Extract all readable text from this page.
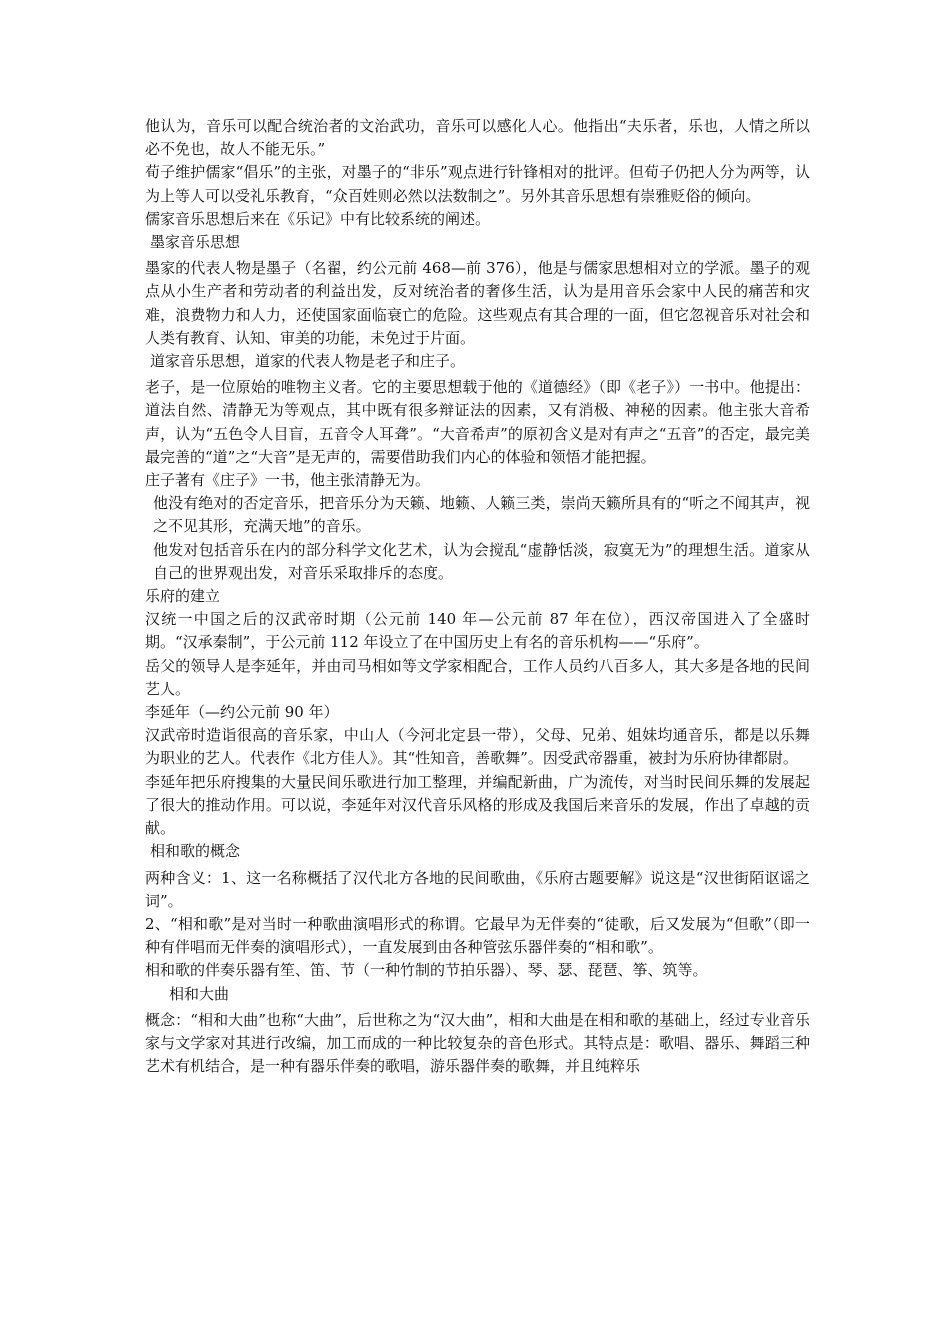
他认为，音乐可以配合统治者的文治武功，音乐可以感化人心。他指出“夫乐者，乐也，人情之所以必不免也，故人不能无乐。”

荀子维护儒家“倡乐”的主张，对墨子的“非乐”观点进行针锋相对的批评。但荀子仍把人分为两等，认为上等人可以受礼乐教育，“众百姓则必然以法数制之”。另外其音乐思想有崇雅贬俗的倾向。

儒家音乐思想后来在《乐记》中有比较系统的阐述。

墨家音乐思想

墨家的代表人物是墨子（名翟，约公元前 468—前 376），他是与儒家思想相对立的学派。墨子的观点从小生产者和劳动者的利益出发，反对统治者的奢侈生活，认为是用音乐会家中人民的痛苦和灾难，浪费物力和人力，还使国家面临衰亡的危险。这些观点有其合理的一面，但它忽视音乐对社会和人类有教育、认知、审美的功能，未免过于片面。

道家音乐思想，道家的代表人物是老子和庄子。

老子，是一位原始的唯物主义者。它的主要思想载于他的《道德经》（即《老子》）一书中。他提出：道法自然、清静无为等观点，其中既有很多辩证法的因素，又有消极、神秘的因素。他主张大音希声，认为“五色令人目盲，五音令人耳聋”。“大音希声”的原初含义是对有声之“五音”的否定，最完美最完善的“道”之“大音”是无声的，需要借助我们内心的体验和领悟才能把握。

庄子著有《庄子》一书，他主张清静无为。

他没有绝对的否定音乐，把音乐分为天籁、地籁、人籁三类，崇尚天籁所具有的“听之不闻其声，视之不见其形，充满天地”的音乐。

他发对包括音乐在内的部分科学文化艺术，认为会搅乱“虚静恬淡，寂寞无为”的理想生活。道家从自己的世界观出发，对音乐采取排斥的态度。

乐府的建立

汉统一中国之后的汉武帝时期（公元前 140 年—公元前 87 年在位），西汉帝国进入了全盛时期。“汉承秦制”，于公元前 112 年设立了在中国历史上有名的音乐机构——“乐府”。

岳父的领导人是李延年，并由司马相如等文学家相配合，工作人员约八百多人，其大多是各地的民间艺人。

李延年（—约公元前 90 年）

汉武帝时造诣很高的音乐家，中山人（今河北定县一带），父母、兄弟、姐妹均通音乐，都是以乐舞为职业的艺人。代表作《北方佳人》。其“性知音，善歌舞”。因受武帝器重，被封为乐府协律都尉。

李延年把乐府搜集的大量民间乐歌进行加工整理，并编配新曲，广为流传，对当时民间乐舞的发展起了很大的推动作用。可以说，李延年对汉代音乐风格的形成及我国后来音乐的发展，作出了卓越的贡献。

相和歌的概念

两种含义：1、这一名称概括了汉代北方各地的民间歌曲，《乐府古题要解》说这是“汉世街陌讴谣之词”。

2、“相和歌”是对当时一种歌曲演唱形式的称谓。它最早为无伴奏的“徒歌，后又发展为“但歌”（即一种有伴唱而无伴奏的演唱形式），一直发展到由各种管弦乐器伴奏的“相和歌”。

相和歌的伴奏乐器有笙、笛、节（一种竹制的节拍乐器）、琴、瑟、琵琶、筝、筑等。

相和大曲

概念：“相和大曲”也称“大曲”，后世称之为“汉大曲”，相和大曲是在相和歌的基础上，经过专业音乐家与文学家对其进行改编，加工而成的一种比较复杂的音色形式。其特点是：歌唱、器乐、舞蹈三种艺术有机结合，是一种有器乐伴奏的歌唱，游乐器伴奏的歌舞，并且纯粹乐
